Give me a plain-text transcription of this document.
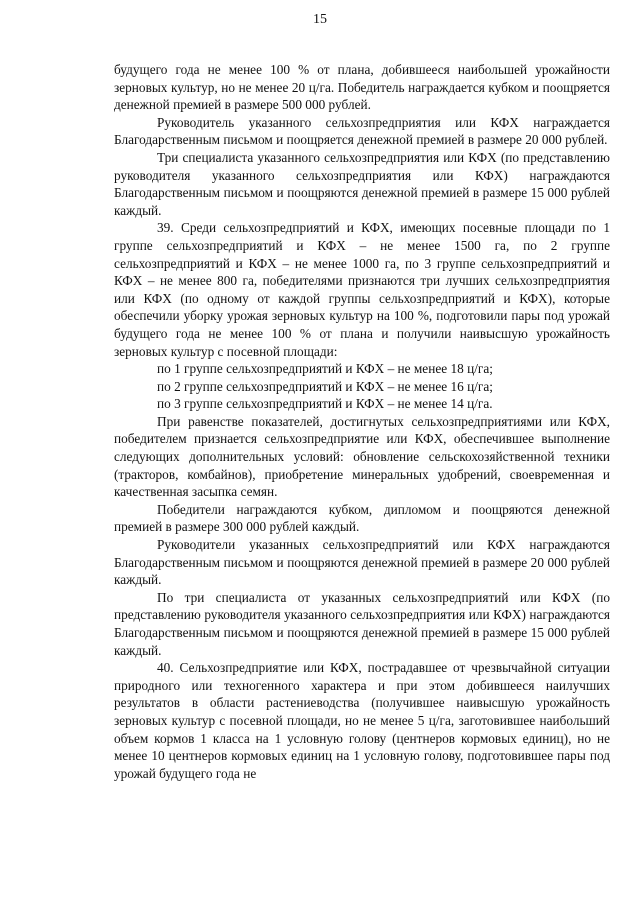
15

будущего года не менее 100 % от плана, добившееся наибольшей урожайности зерновых культур, но не менее 20 ц/га. Победитель награждается кубком и поощряется денежной премией в размере 500 000 рублей.

Руководитель указанного сельхозпредприятия или КФХ награждается Благодарственным письмом и поощряется денежной премией в размере 20 000 рублей.

Три специалиста указанного сельхозпредприятия или КФХ (по представлению руководителя указанного сельхозпредприятия или КФХ) награждаются Благодарственным письмом и поощряются денежной премией в размере 15 000 рублей каждый.

39. Среди сельхозпредприятий и КФХ, имеющих посевные площади по 1 группе сельхозпредприятий и КФХ – не менее 1500 га, по 2 группе сельхозпредприятий и КФХ – не менее 1000 га, по 3 группе сельхозпредприятий и КФХ – не менее 800 га, победителями признаются три лучших сельхозпредприятия или КФХ (по одному от каждой группы сельхозпредприятий и КФХ), которые обеспечили уборку урожая зерновых культур на 100 %, подготовили пары под урожай будущего года не менее 100 % от плана и получили наивысшую урожайность зерновых культур с посевной площади:

по 1 группе сельхозпредприятий и КФХ – не менее 18 ц/га;

по 2 группе сельхозпредприятий и КФХ – не менее 16 ц/га;

по 3 группе сельхозпредприятий и КФХ – не менее 14 ц/га.

При равенстве показателей, достигнутых сельхозпредприятиями или КФХ, победителем признается сельхозпредприятие или КФХ, обеспечившее выполнение следующих дополнительных условий: обновление сельскохозяйственной техники (тракторов, комбайнов), приобретение минеральных удобрений, своевременная и качественная засыпка семян.

Победители награждаются кубком, дипломом и поощряются денежной премией в размере 300 000 рублей каждый.

Руководители указанных сельхозпредприятий или КФХ награждаются Благодарственным письмом и поощряются денежной премией в размере 20 000 рублей каждый.

По три специалиста от указанных сельхозпредприятий или КФХ (по представлению руководителя указанного сельхозпредприятия или КФХ) награждаются Благодарственным письмом и поощряются денежной премией в размере 15 000 рублей каждый.

40. Сельхозпредприятие или КФХ, пострадавшее от чрезвычайной ситуации природного или техногенного характера и при этом добившееся наилучших результатов в области растениеводства (получившее наивысшую урожайность зерновых культур с посевной площади, но не менее 5 ц/га, заготовившее наибольший объем кормов 1 класса на 1 условную голову (центнеров кормовых единиц), но не менее 10 центнеров кормовых единиц на 1 условную голову, подготовившее пары под урожай будущего года не
